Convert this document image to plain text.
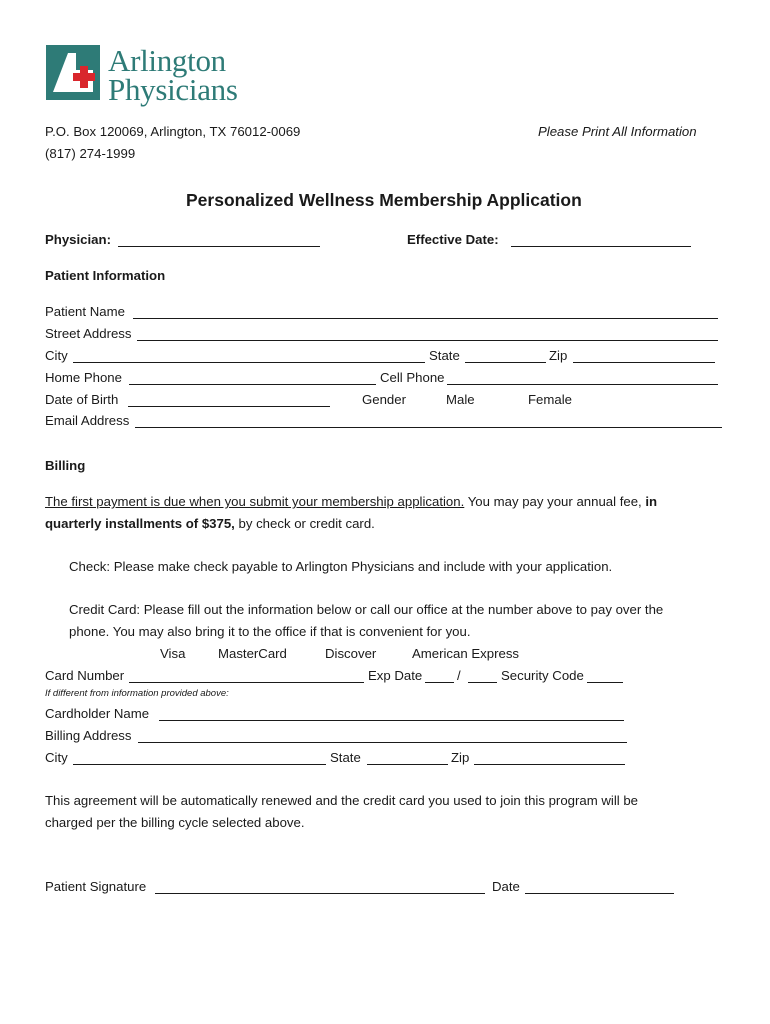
Arlington
Physicians
P.O. Box 120069, Arlington, TX 76012-0069
(817) 274-1999
Please Print All Information
Personalized Wellness Membership Application
Physician:	Effective Date:
Patient Information
Patient Name
Street Address
City	State	Zip
Home Phone	Cell Phone
Date of Birth	Gender	Male	Female
Email Address
Billing
The first payment is due when you submit your membership application. You may pay your annual fee, in
quarterly installments of $375, by check or credit card.
Check: Please make check payable to Arlington Physicians and include with your application.
Credit Card: Please fill out the information below or call our office at the number above to pay over the
phone. You may also bring it to the office if that is convenient for you.
Visa MasterCard	Discover	American Express
Card Number	Exp Date	/	Security Code
If different from information provided above:
Cardholder Name
Billing Address
City	State	Zip
This agreement will be automatically renewed and the credit card you used to join this program will be
charged per the billing cycle selected above.
Patient Signature	Date
